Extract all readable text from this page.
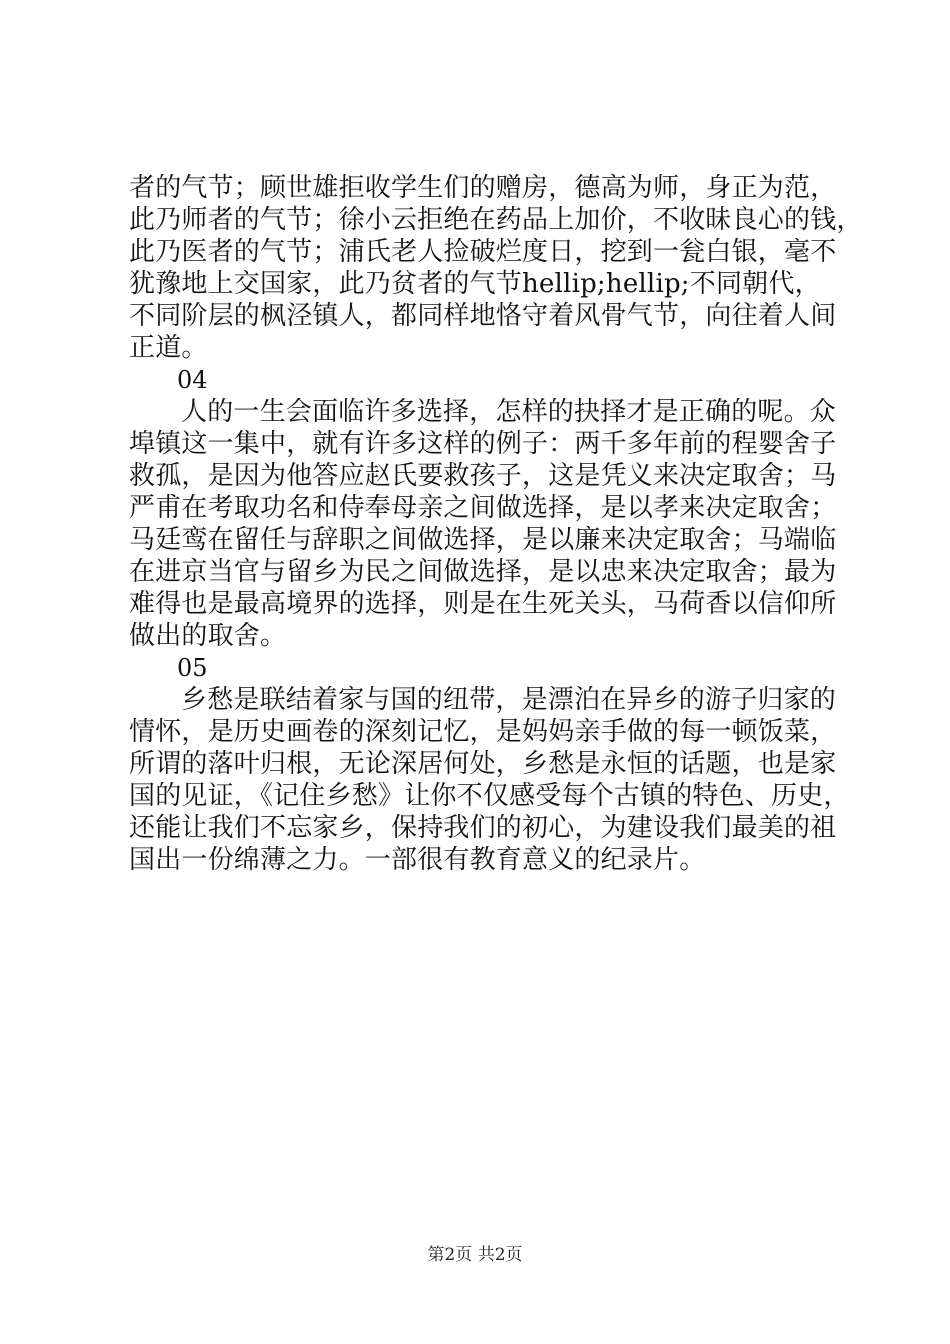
者的气节；顾世雄拒收学生们的赠房，德高为师，身正为范，
此乃师者的气节；徐小云拒绝在药品上加价，不收昧良心的钱，
此乃医者的气节；浦氏老人捡破烂度日，挖到一瓮白银，毫不
犹豫地上交国家，此乃贫者的气节hellip;hellip;不同朝代，
不同阶层的枫泾镇人，都同样地恪守着风骨气节，向往着人间
正道。
04
人的一生会面临许多选择，怎样的抉择才是正确的呢。众
埠镇这一集中，就有许多这样的例子：两千多年前的程婴舍子
救孤，是因为他答应赵氏要救孩子，这是凭义来决定取舍；马
严甫在考取功名和侍奉母亲之间做选择，是以孝来决定取舍；
马廷鸾在留任与辞职之间做选择，是以廉来决定取舍；马端临
在进京当官与留乡为民之间做选择，是以忠来决定取舍；最为
难得也是最高境界的选择，则是在生死关头，马荷香以信仰所
做出的取舍。
05
乡愁是联结着家与国的纽带，是漂泊在异乡的游子归家的
情怀，是历史画卷的深刻记忆，是妈妈亲手做的每一顿饭菜，
所谓的落叶归根，无论深居何处，乡愁是永恒的话题，也是家
国的见证，《记住乡愁》让你不仅感受每个古镇的特色、历史，
还能让我们不忘家乡，保持我们的初心，为建设我们最美的祖
国出一份绵薄之力。一部很有教育意义的纪录片。
第2页 共2页
